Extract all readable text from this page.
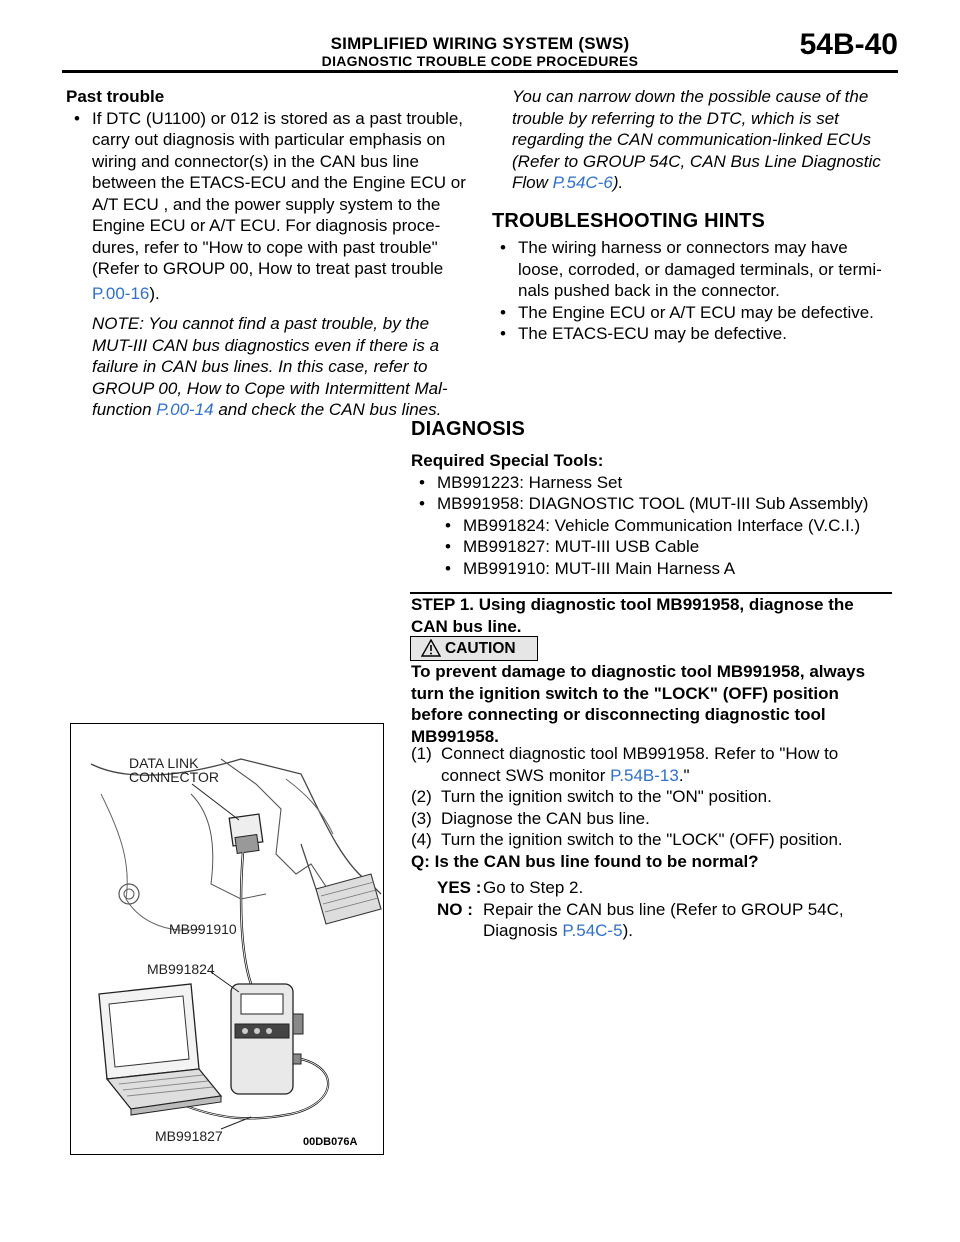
SIMPLIFIED WIRING SYSTEM (SWS)
DIAGNOSTIC TROUBLE CODE PROCEDURES	54B-40
Past trouble
• If DTC (U1100) or 012 is stored as a past trouble,
carry out diagnosis with particular emphasis on
wiring and connector(s) in the CAN bus line
between the ETACS-ECU and the Engine ECU or
A/T ECU , and the power supply system to the
Engine ECU or A/T ECU. For diagnosis proce-
dures, refer to "How to cope with past trouble"
(Refer to GROUP 00, How to treat past trouble
P.00-16).
NOTE: You cannot find a past trouble, by the
MUT-III CAN bus diagnostics even if there is a
failure in CAN bus lines. In this case, refer to
GROUP 00, How to Cope with Intermittent Mal-
function P.00-14 and check the CAN bus lines.
You can narrow down the possible cause of the
trouble by referring to the DTC, which is set
regarding the CAN communication-linked ECUs
(Refer to GROUP 54C, CAN Bus Line Diagnostic
Flow P.54C-6).
TROUBLESHOOTING HINTS
• The wiring harness or connectors may have
loose, corroded, or damaged terminals, or termi-
nals pushed back in the connector.
• The Engine ECU or A/T ECU may be defective.
• The ETACS-ECU may be defective.
DIAGNOSIS
Required Special Tools:
• MB991223: Harness Set
• MB991958: DIAGNOSTIC TOOL (MUT-III Sub Assembly)
• MB991824: Vehicle Communication Interface (V.C.I.)
• MB991827: MUT-III USB Cable
• MB991910: MUT-III Main Harness A
STEP 1. Using diagnostic tool MB991958, diagnose the
CAN bus line.
CAUTION
To prevent damage to diagnostic tool MB991958, always
turn the ignition switch to the "LOCK" (OFF) position
before connecting or disconnecting diagnostic tool
MB991958.
(1) Connect diagnostic tool MB991958. Refer to "How to
connect SWS monitor P.54B-13."
(2) Turn the ignition switch to the "ON" position.
(3) Diagnose the CAN bus line.
(4) Turn the ignition switch to the "LOCK" (OFF) position.
Q: Is the CAN bus line found to be normal?
YES : Go to Step 2.
NO : Repair the CAN bus line (Refer to GROUP 54C,
Diagnosis P.54C-5).
DATA LINK
CONNECTOR
MB991910
MB991824
MB991827	00DB076A
